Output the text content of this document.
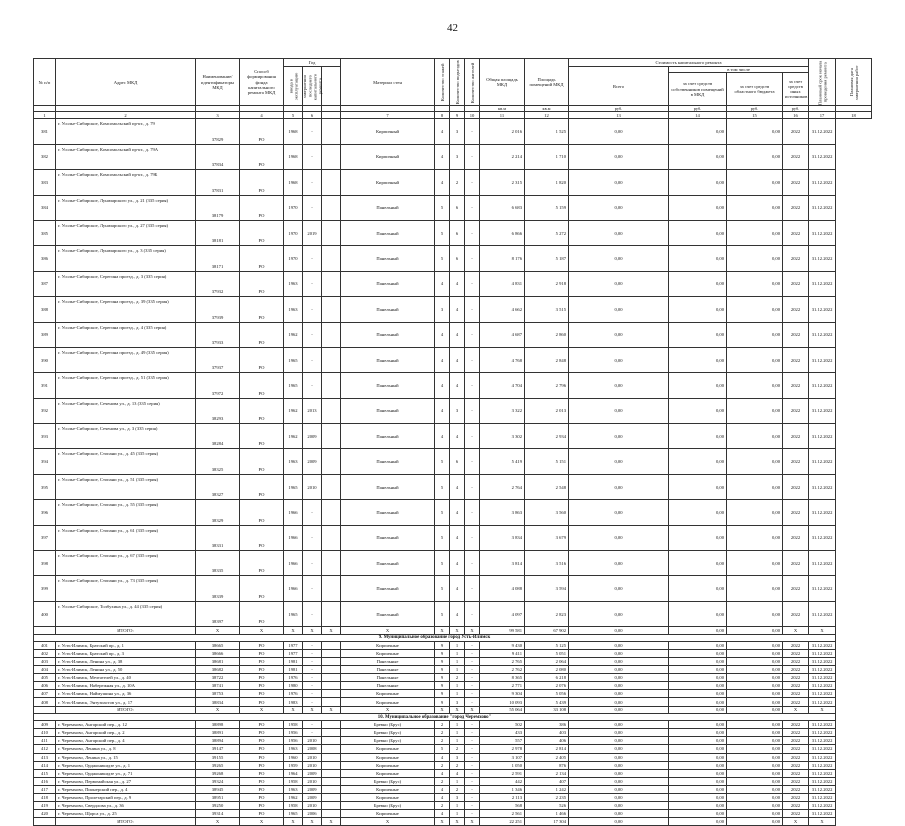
42
№ п/п	Адрес МКД	Наименование/ идентификаторы МКД	Способ формирования фонда капитального ремонта МКД	Год			Материал стен	Количество этажей	Количество подъездов	Количество жителей	Общая площадь МКД	Площадь помещений МКД	Стоимость капитального ремонта				Плановый срок начала проведения ремонта	Плановая дата завершения работ
				ввода в эксплуатацию	завершения последнего капитального ремонта								Всего	в том числе				
														за счет средств собственников помещений в МКД	за счет средств областного бюджета	за счет средств иных источников		
											кв.м	кв.м	руб.	руб.	руб.	руб.		
1	2	3	4	5	6		7	8	9	10	11	12	13	14	15	16	17	18
381	г. Усолье-Сибирское, Комсомольский пр-кт., д. 79	37829	РО	1968	-		Кирпичный	4	3	-	2 016	1 525	0,00	0,00	0,00	2022	31.12.2022	
382	г. Усолье-Сибирское, Комсомольский пр-кт., д. 79А	37834	РО	1968	-		Кирпичный	4	3	-	2 214	1 710	0,00	0,00	0,00	2022	31.12.2022	
383	г. Усолье-Сибирское, Комсомольский пр-кт., д. 79Б	37831	РО	1968	-		Кирпичный	4	2	-	2 315	1 820	0,00	0,00	0,00	2022	31.12.2022	
384	г. Усолье-Сибирское, Луначарского ул., д. 21 (335 серия)	38179	РО	1970	-		Панельный	5	6	-	6 683	5 159	0,00	0,00	0,00	2022	31.12.2022	
385	г. Усолье-Сибирское, Луначарского ул., д. 27 (335 серия)	38181	РО	1970	2019		Панельный	5	6	-	6 866	5 272	0,00	0,00	0,00	2022	31.12.2022	
386	г. Усолье-Сибирское, Луначарского ул., д. 3 (335 серия)	38171	РО	1970	-		Панельный	5	6	-	8 176	5 187	0,00	0,00	0,00	2022	31.12.2022	
387	г. Усолье-Сибирское, Серегина проезд., д. 3 (335 серия)	37932	РО	1963	-		Панельный	4	4	-	4 831	2 918	0,00	0,00	0,00	2022	31.12.2022	
388	г. Усолье-Сибирское, Серегина проезд., д. 39 (335 серия)	37939	РО	1963	-		Панельный	3	4	-	4 662	3 515	0,00	0,00	0,00	2022	31.12.2022	
389	г. Усолье-Сибирское, Серегина проезд., д. 4 (335 серия)	37933	РО	1962	-		Панельный	4	4	-	4 687	2 860	0,00	0,00	0,00	2022	31.12.2022	
390	г. Усолье-Сибирское, Серегина проезд., д. 49 (335 серия)	37937	РО	1965	-		Панельный	4	4	-	4 768	2 848	0,00	0,00	0,00	2022	31.12.2022	
391	г. Усолье-Сибирское, Серегина проезд., д. 51 (335 серия)	37972	РО	1965	-		Панельный	4	4	-	4 704	2 796	0,00	0,00	0,00	2022	31.12.2022	
392	г. Усолье-Сибирское, Сеченова ул., д. 13 (335 серия)	38293	РО	1962	2013		Панельный	4	3	-	3 322	2 013	0,00	0,00	0,00	2022	31.12.2022	
393	г. Усолье-Сибирское, Сеченова ул., д. 3 (335 серия)	38284	РО	1962	2009		Панельный	4	4	-	3 302	2 934	0,00	0,00	0,00	2022	31.12.2022	
394	г. Усолье-Сибирское, Стопани ул., д. 45 (335 серия)	38325	РО	1963	2009		Панельный	5	6	-	5 419	5 151	0,00	0,00	0,00	2022	31.12.2022	
395	г. Усолье-Сибирское, Стопани ул., д. 51 (335 серия)	38327	РО	1965	2010		Панельный	5	4	-	2 764	2 548	0,00	0,00	0,00	2022	31.12.2022	
396	г. Усолье-Сибирское, Стопани ул., д. 55 (335 серия)	38329	РО	1966	-		Панельный	5	4	-	3 863	3 560	0,00	0,00	0,00	2022	31.12.2022	
397	г. Усолье-Сибирское, Стопани ул., д. 61 (335 серия)	38331	РО	1966	-		Панельный	5	4	-	3 834	3 679	0,00	0,00	0,00	2022	31.12.2022	
398	г. Усолье-Сибирское, Стопани ул., д. 67 (335 серия)	38335	РО	1966	-		Панельный	5	4	-	3 814	3 516	0,00	0,00	0,00	2022	31.12.2022	
399	г. Усолье-Сибирское, Стопани ул., д. 73 (335 серия)	38339	РО	1966	-		Панельный	5	4	-	4 088	3 594	0,00	0,00	0,00	2022	31.12.2022	
400	г. Усолье-Сибирское, Толбухина ул., д. 44 (335 серия)	38397	РО	1965	-		Панельный	5	4	-	4 097	2 823	0,00	0,00	0,00	2022	31.12.2022	
	ИТОГО:	X	X	X	X	X	X	X	X	X	99 581	67 902	0,00	0,00	0,00	X	X	
9. Муниципальное образование город Усть-Илимск																		
401	г. Усть-Илимск, Братский пр., д. 1	38665	РО	1977	-		Кирпичные	9	1	-	9 430	5 125	0,00	0,00	0,00	2022	31.12.2022	
402	г. Усть-Илимск, Братский пр., д. 3	38666	РО	1977	-		Кирпичные	9	1	-	9 411	5 051	0,00	0,00	0,00	2022	31.12.2022	
403	г. Усть-Илимск, Ленина ул., д. 38	38681	РО	1981	-		Панельные	9	1	-	2 765	2 064	0,00	0,00	0,00	2022	31.12.2022	
404	г. Усть-Илимск, Ленина ул., д. 50	38682	РО	1981	-		Панельные	9	1	-	2 762	2 080	0,00	0,00	0,00	2022	31.12.2022	
405	г. Усть-Илимск, Мечтателей ул., д. 40	38722	РО	1976	-		Панельные	9	2	-	8 365	6 218	0,00	0,00	0,00	2022	31.12.2022	
406	г. Усть-Илимск, Набережная ул., д. 10А	38741	РО	1980	-		Панельные	9	1	-	2 771	2 076	0,00	0,00	0,00	2022	31.12.2022	
407	г. Усть-Илимск, Наймушина ул., д. 36	38753	РО	1976	-		Кирпичные	9	1	-	9 304	5 056	0,00	0,00	0,00	2022	31.12.2022	
408	г. Усть-Илимск, Энтузиастов ул., д. 17	38834	РО	1983	-		Кирпичные	9	3	-	10 093	5 439	0,00	0,00	0,00	2022	31.12.2022	
	ИТОГО:	X	X	X	X	X	X	X	X	X	55 064	33 108	0,00	0,00	0,00	X	X	
10. Муниципальное образование "город Черемхово"																		
409	г. Черемхово, Ангарский пер., д. 12	38898	РО	1958	-		Бревно (Брус)	2	1	-	502	386	0,00	0,00	0,00	2022	31.12.2022	
410	г. Черемхово, Ангарский пер., д. 2	38891	РО	1956	-		Бревно (Брус)	2	1	-	433	403	0,00	0,00	0,00	2022	31.12.2022	
411	г. Черемхово, Ангарский пер., д. 4	38894	РО	1956	2010		Бревно (Брус)	2	1	-	557	406	0,00	0,00	0,00	2022	31.12.2022	
412	г. Черемхово, Ленина ул., д. 8	39147	РО	1963	2008		Кирпичные	5	2	-	2 978	2 814	0,00	0,00	0,00	2022	31.12.2022	
413	г. Черемхово, Ленина ул., д. 15	39155	РО	1960	2010		Кирпичные	4	3	-	3 107	2 405	0,00	0,00	0,00	2022	31.12.2022	
414	г. Черемхово, Орджоникидзе ул., д. 1	39265	РО	1959	2010		Кирпичные	2	2	-	1 050	876	0,00	0,00	0,00	2022	31.12.2022	
415	г. Черемхово, Орджоникидзе ул., д. 71	39268	РО	1964	2009		Кирпичные	4	4	-	2 591	2 134	0,00	0,00	0,00	2022	31.12.2022	
416	г. Черемхово, Первомайская ул., д. 27	39324	РО	1958	2010		Бревно (Брус)	2	1	-	442	407	0,00	0,00	0,00	2022	31.12.2022	
417	г. Черемхово, Пионерский пер., д. 4	38945	РО	1963	2009		Кирпичные	4	2	-	1 346	1 242	0,00	0,00	0,00	2022	31.12.2022	
418	г. Черемхово, Пролетарский пер., д. 9	38951	РО	1962	2009		Кирпичные	4	3	-	2 113	2 235	0,00	0,00	0,00	2022	31.12.2022	
419	г. Черемхово, Свердлова ул., д. 36	39250	РО	1958	2010		Бревно (Брус)	2	1	-	568	526	0,00	0,00	0,00	2022	31.12.2022	
420	г. Черемхово, Щорса ул., д. 25	39314	РО	1965	2006		Кирпичные	4	1	-	2 561	1 466	0,00	0,00	0,00	2022	31.12.2022	
	ИТОГО:	X	X	X	X	X	X	X	X	X	22 251	17 304	0,00	0,00	0,00	X	X	
